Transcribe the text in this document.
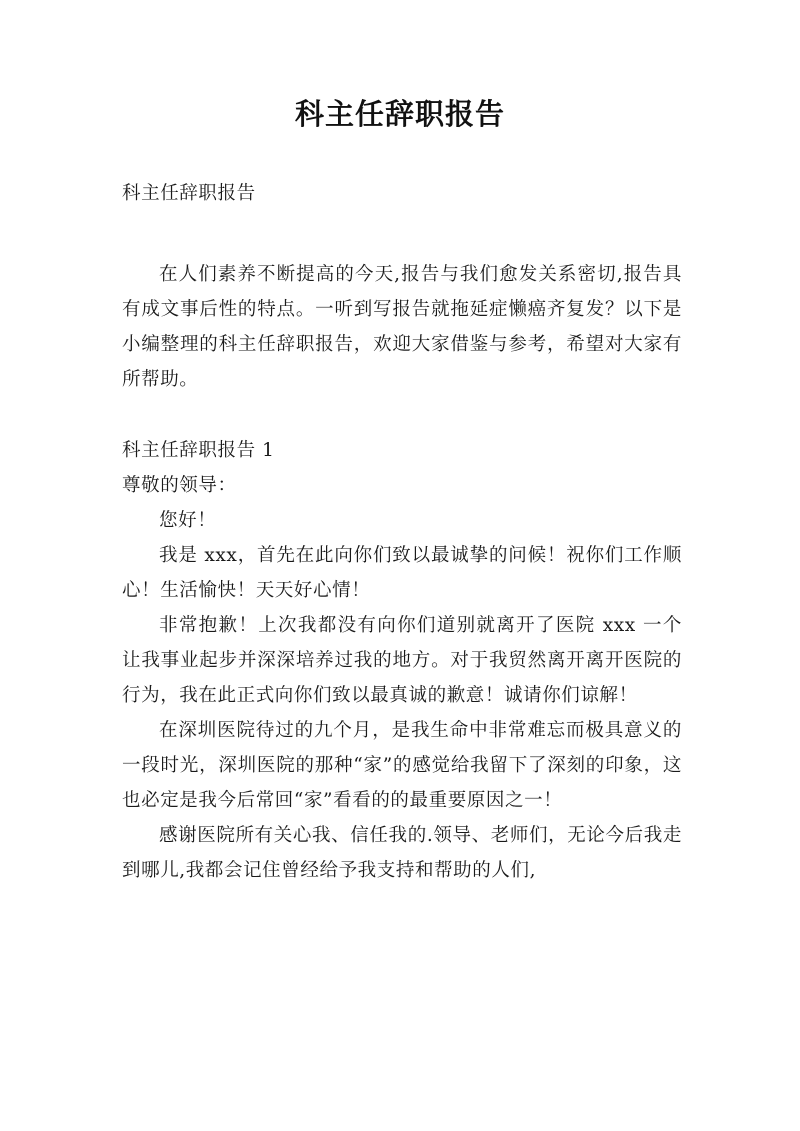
科主任辞职报告

科主任辞职报告

在人们素养不断提高的今天,报告与我们愈发关系密切,报告具有成文事后性的特点。一听到写报告就拖延症懒癌齐复发？以下是小编整理的科主任辞职报告，欢迎大家借鉴与参考，希望对大家有所帮助。

科主任辞职报告 1

尊敬的领导：

您好！

我是 xxx，首先在此向你们致以最诚挚的问候！祝你们工作顺心！生活愉快！天天好心情！

非常抱歉！上次我都没有向你们道别就离开了医院 xxx 一个让我事业起步并深深培养过我的地方。对于我贸然离开离开医院的行为，我在此正式向你们致以最真诚的歉意！诚请你们谅解！

在深圳医院待过的九个月，是我生命中非常难忘而极具意义的一段时光，深圳医院的那种“家”的感觉给我留下了深刻的印象，这也必定是我今后常回“家”看看的的最重要原因之一！

感谢医院所有关心我、信任我的.领导、老师们，无论今后我走到哪儿,我都会记住曾经给予我支持和帮助的人们,
